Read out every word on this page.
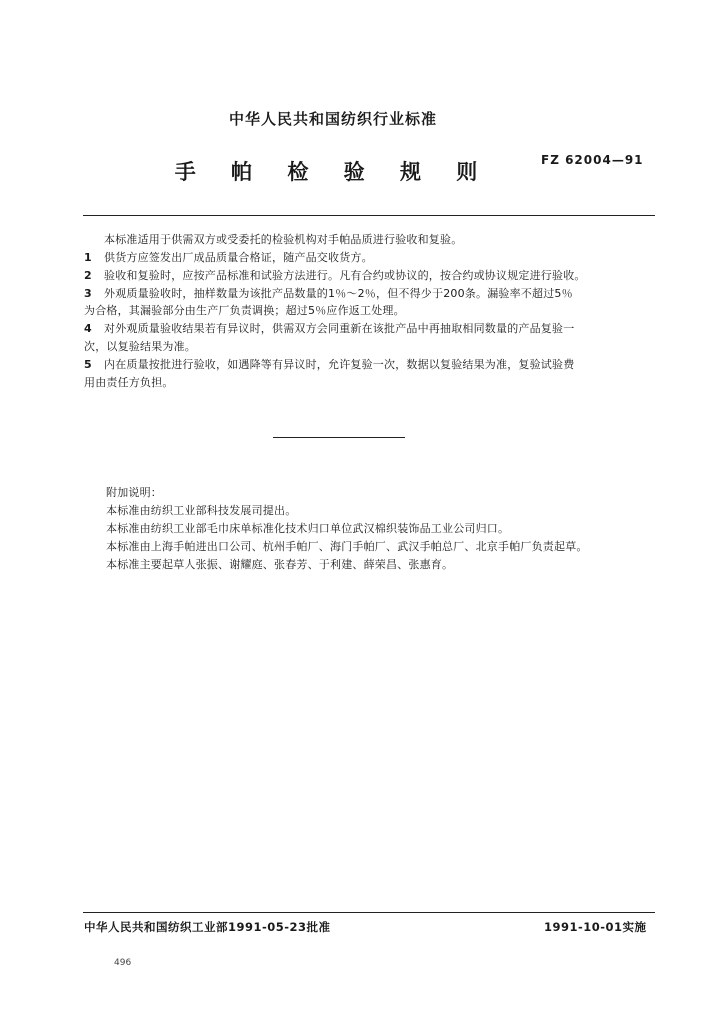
中华人民共和国纺织行业标准
手 帕 检 验 规 则	FZ 62004—91
本标准适用于供需双方或受委托的检验机构对手帕品质进行验收和复验。
1 供货方应签发出厂成品质量合格证，随产品交收货方。
2 验收和复验时，应按产品标准和试验方法进行。凡有合约或协议的，按合约或协议规定进行验收。
3 外观质量验收时，抽样数量为该批产品数量的1％～2％，但不得少于200条。漏验率不超过5％
为合格，其漏验部分由生产厂负责调换；超过5％应作返工处理。
4 对外观质量验收结果若有异议时，供需双方会同重新在该批产品中再抽取相同数量的产品复验一
次，以复验结果为准。
5 内在质量按批进行验收，如遇降等有异议时，允许复验一次，数据以复验结果为准，复验试验费
用由责任方负担。
附加说明：
本标准由纺织工业部科技发展司提出。
本标准由纺织工业部毛巾床单标准化技术归口单位武汉棉织装饰品工业公司归口。
本标准由上海手帕进出口公司、杭州手帕厂、海门手帕厂、武汉手帕总厂、北京手帕厂负责起草。
本标准主要起草人张振、谢耀庭、张春芳、于利建、薛荣昌、张惠育。
中华人民共和国纺织工业部1991-05-23批准	1991-10-01实施
496
